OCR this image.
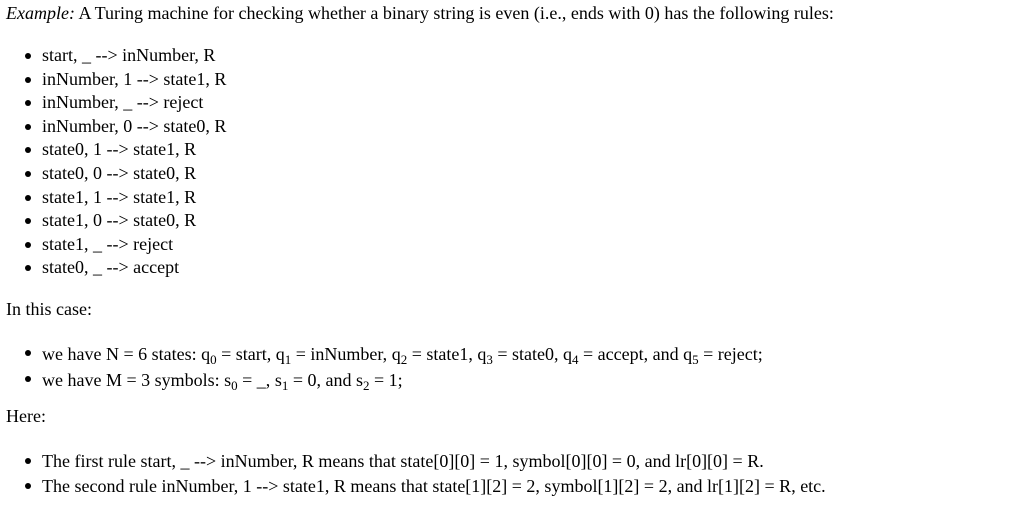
Example: A Turing machine for checking whether a binary string is even (i.e., ends with 0) has the following rules:

start, _ --> inNumber, R
inNumber, 1 --> state1, R
inNumber, _ --> reject
inNumber, 0 --> state0, R
state0, 1 --> state1, R
state0, 0 --> state0, R
state1, 1 --> state1, R
state1, 0 --> state0, R
state1, _ --> reject
state0, _ --> accept

In this case:

we have N = 6 states: $q_0$ = start, $q_1$ = inNumber, $q_2$ = state1, $q_3$ = state0, $q_4$ = accept, and $q_5$ = reject;
we have M = 3 symbols: $s_0$ = _, $s_1 = 0$, and $s_2 = 1$;

Here:

The first rule start, _ --> inNumber, R means that state[0][0] = 1, symbol[0][0] = 0, and lr[0][0] = R.
The second rule inNumber, 1 --> state1, R means that state[1][2] = 2, symbol[1][2] = 2, and lr[1][2] = R, etc.
